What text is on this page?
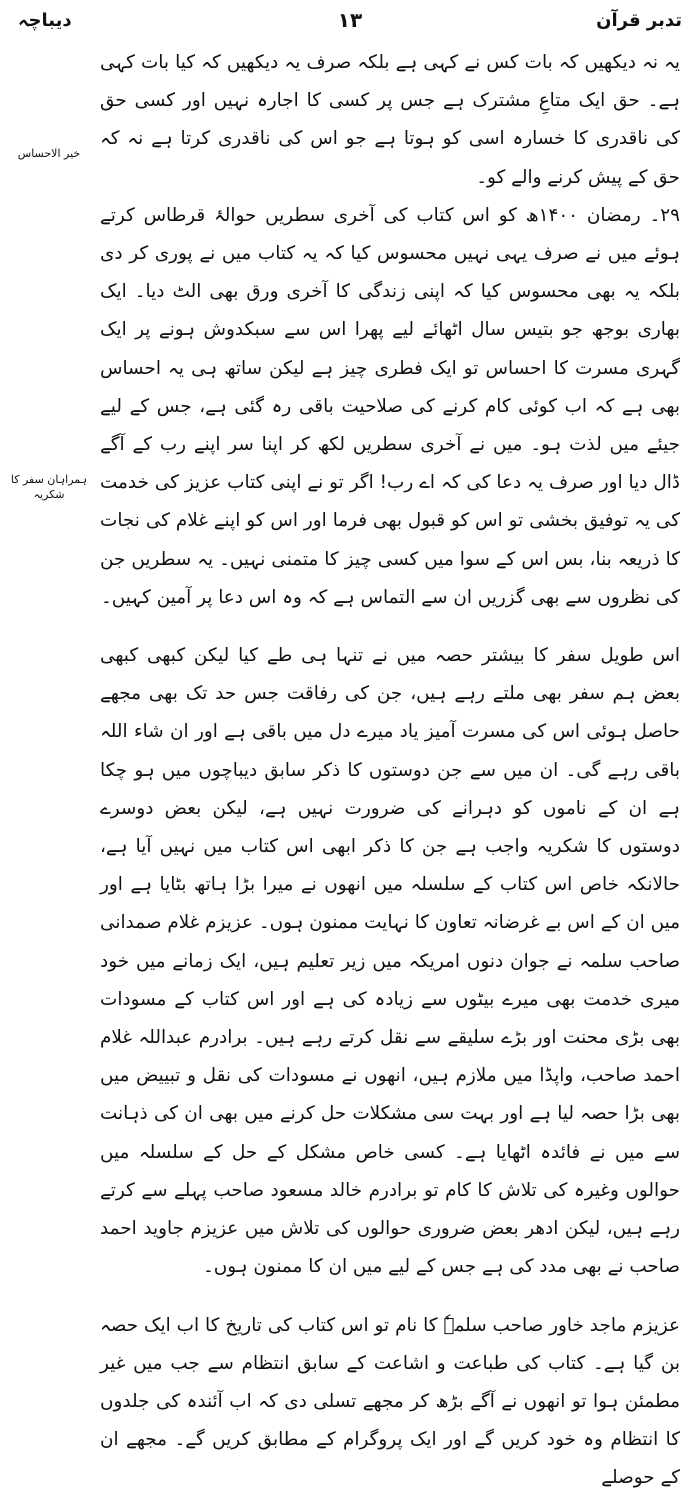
تدبر قرآن
۱۳
دیباچہ
خیر الاحساس
ہمراہان سفر کا شکریہ

یہ نہ دیکھیں کہ بات کس نے کہی ہے بلکہ صرف یہ دیکھیں کہ کیا بات کہی ہے۔ حق ایک متاعِ مشترک ہے جس پر کسی کا اجارہ نہیں اور کسی حق کی ناقدری کا خسارہ اسی کو ہوتا ہے جو اس کی ناقدری کرتا ہے نہ کہ حق کے پیش کرنے والے کو۔

۲۹۔ رمضان ۱۴۰۰ھ کو اس کتاب کی آخری سطریں حوالۂ قرطاس کرتے ہوئے میں نے صرف یہی نہیں محسوس کیا کہ یہ کتاب میں نے پوری کر دی بلکہ یہ بھی محسوس کیا کہ اپنی زندگی کا آخری ورق بھی الٹ دیا۔ ایک بھاری بوجھ جو بتیس سال اٹھائے لیے پھرا اس سے سبکدوش ہونے پر ایک گہری مسرت کا احساس تو ایک فطری چیز ہے لیکن ساتھ ہی یہ احساس بھی ہے کہ اب کوئی کام کرنے کی صلاحیت باقی رہ گئی ہے، جس کے لیے جیئے میں لذت ہو۔ میں نے آخری سطریں لکھ کر اپنا سر اپنے رب کے آگے ڈال دیا اور صرف یہ دعا کی کہ اے رب! اگر تو نے اپنی کتاب عزیز کی خدمت کی یہ توفیق بخشی تو اس کو قبول بھی فرما اور اس کو اپنے غلام کی نجات کا ذریعہ بنا، بس اس کے سوا میں کسی چیز کا متمنی نہیں۔ یہ سطریں جن کی نظروں سے بھی گزریں ان سے التماس ہے کہ وہ اس دعا پر آمین کہیں۔

اس طویل سفر کا بیشتر حصہ میں نے تنہا ہی طے کیا لیکن کبھی کبھی بعض ہم سفر بھی ملتے رہے ہیں، جن کی رفاقت جس حد تک بھی مجھے حاصل ہوئی اس کی مسرت آمیز یاد میرے دل میں باقی ہے اور ان شاء اللہ باقی رہے گی۔ ان میں سے جن دوستوں کا ذکر سابق دیباچوں میں ہو چکا ہے ان کے ناموں کو دہرانے کی ضرورت نہیں ہے، لیکن بعض دوسرے دوستوں کا شکریہ واجب ہے جن کا ذکر ابھی اس کتاب میں نہیں آیا ہے، حالانکہ خاص اس کتاب کے سلسلہ میں انھوں نے میرا بڑا ہاتھ بٹایا ہے اور میں ان کے اس بے غرضانہ تعاون کا نہایت ممنون ہوں۔ عزیزم غلام صمدانی صاحب سلمہ نے جوان دنوں امریکہ میں زیر تعلیم ہیں، ایک زمانے میں خود میری خدمت بھی میرے بیٹوں سے زیادہ کی ہے اور اس کتاب کے مسودات بھی بڑی محنت اور بڑے سلیقے سے نقل کرتے رہے ہیں۔ برادرم عبداللہ غلام احمد صاحب، واپڈا میں ملازم ہیں، انھوں نے مسودات کی نقل و تبییض میں بھی بڑا حصہ لیا ہے اور بہت سی مشکلات حل کرنے میں بھی ان کی ذہانت سے میں نے فائدہ اٹھایا ہے۔ کسی خاص مشکل کے حل کے سلسلہ میں حوالوں وغیرہ کی تلاش کا کام تو برادرم خالد مسعود صاحب پہلے سے کرتے رہے ہیں، لیکن ادھر بعض ضروری حوالوں کی تلاش میں عزیزم جاوید احمد صاحب نے بھی مدد کی ہے جس کے لیے میں ان کا ممنون ہوں۔

عزیزم ماجد خاور صاحب سلمہٗ کا نام تو اس کتاب کی تاریخ کا اب ایک حصہ بن گیا ہے۔ کتاب کی طباعت و اشاعت کے سابق انتظام سے جب میں غیر مطمئن ہوا تو انھوں نے آگے بڑھ کر مجھے تسلی دی کہ اب آئندہ کی جلدوں کا انتظام وہ خود کریں گے اور ایک پروگرام کے مطابق کریں گے۔ مجھے ان کے حوصلے
